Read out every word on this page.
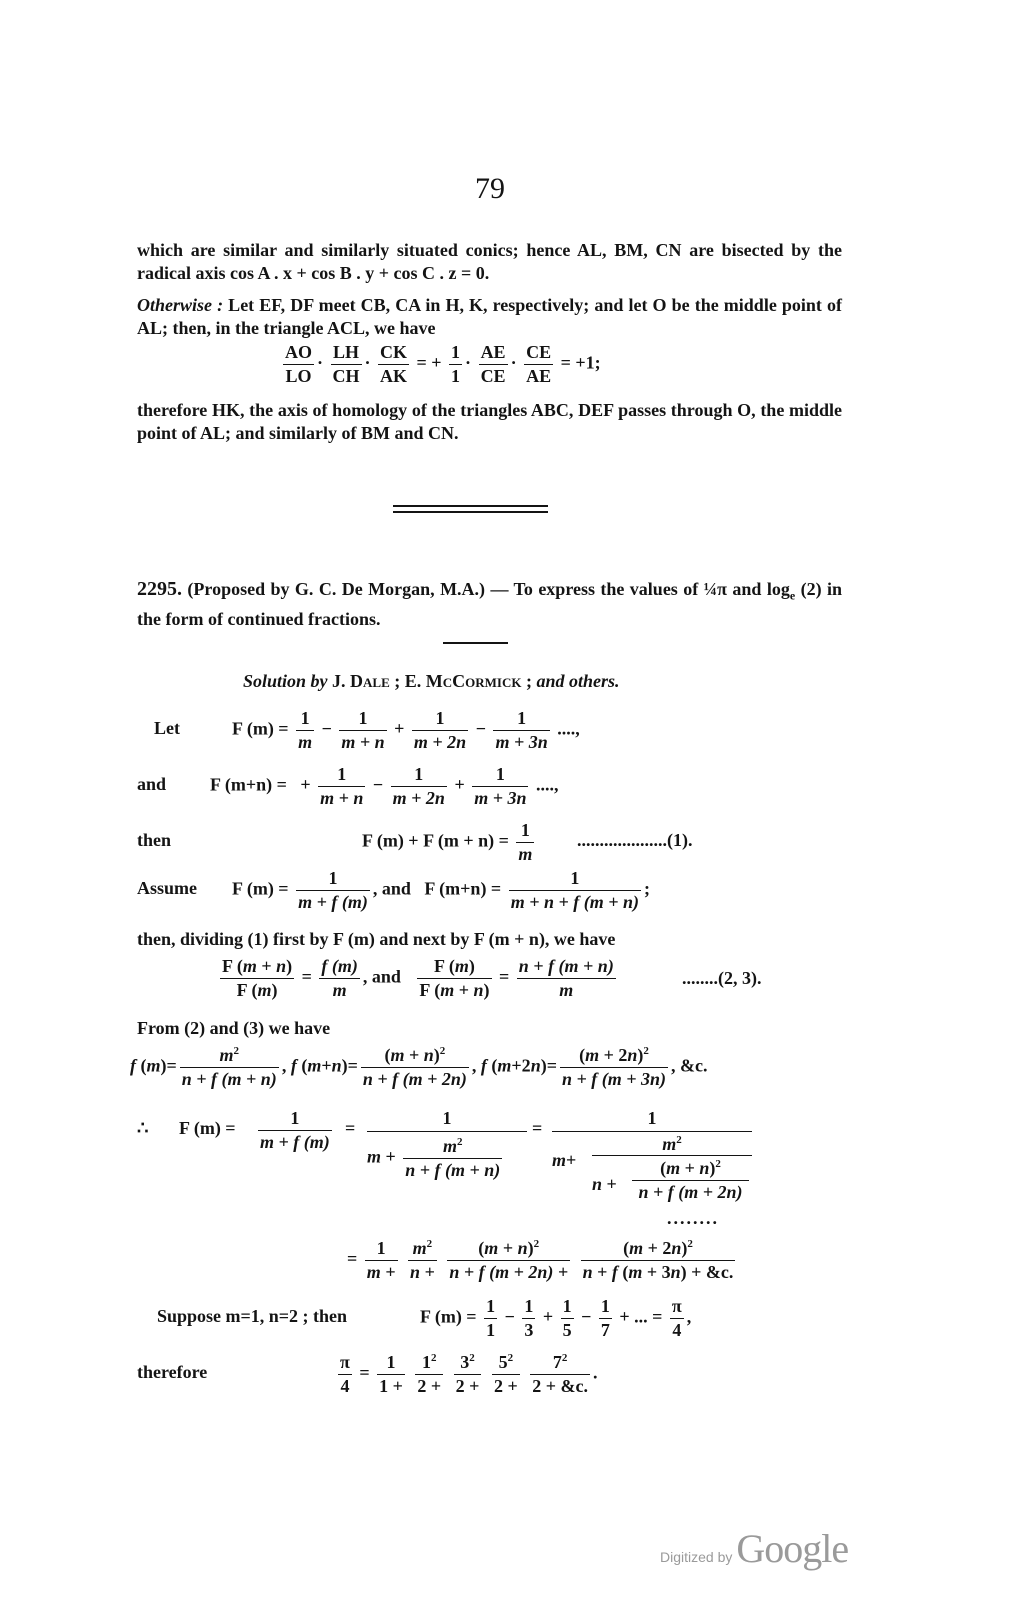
79
which are similar and similarly situated conics; hence AL, BM, CN are bisected by the radical axis cos A . x + cos B . y + cos C . z = 0.
Otherwise : Let EF, DF meet CB, CA in H, K, respectively; and let O be the middle point of AL; then, in the triangle ACL, we have
$\frac{AO}{LO} \cdot \frac{LH}{CH} \cdot \frac{CK}{AK}$ = + $\frac{1}{1} \cdot \frac{AE}{CE} \cdot \frac{CE}{AE} = +1$;
therefore HK, the axis of homology of the triangles ABC, DEF passes through O, the middle point of AL; and similarly of BM and CN.
2295. (Proposed by G. C. De Morgan, M.A.) — To express the values of ¼π and $\log_e (2)$ in the form of continued fractions.
Solution by J. Dale ; E. McCormick ; and others.
Let	F $(m) = \frac{1}{m} - \frac{1}{m + n} + \frac{1}{m + 2n} - \frac{1}{m + 3n}$ ....,
and F (m+n) =   + $\frac{1}{m + n} - \frac{1}{m + 2n} + \frac{1}{m + 3n}$ ....,
then	F (m) + F $(m + n) = \frac{1}{m} ....................(1)$.
Assume F $(m) = \frac{1}{m + f (m)}$ , and F $(m+n) = \frac{1}{m + n + f (m + n)}$ ;
then, dividing (1) first by F (m) and next by F (m + n), we have
$\frac{F (m + n)}{F (m)} = \frac{f (m)}{m}$ , and $\frac{F (m)}{F (m + n)} = \frac{n + f (m + n)}{m}$	........(2, 3).
From (2) and (3) we have
f $(m)= \frac{m^2}{n + f (m + n)}$ , f $(m+n)= \frac{(m + n)^2}{n + f (m + 2n)}$ , f $(m+2n)= \frac{(m + 2n)^2}{n + f (m + 3n)}$ , &c.
∴ F $(m) = \frac{1}{m + f (m)}$ =	1
$m + \frac{m^2}{n + f (m + n)}$
=	1
m+
$m^2$
n +
$(m + n)^2$
n + f (m + 2n)
........
= $\frac{1}{m +}$
$\frac{m^2}{n +}$
$\frac{(m + n)^2}{n + f (m + 2n) +}$
$\frac{(m + 2n)^2}{n + f (m + 3n) + \&c.}$
Suppose m=1, n=2 ; then	F $(m) = \frac{1}{1} - \frac{1}{3} + \frac{1}{5} - \frac{1}{7}$ + ... = $\frac{\pi}{4}$ ,
therefore	$\frac{\pi}{4} = \frac{1}{1 +}$
$\frac{1^2}{2 +}$
$\frac{3^2}{2 +}$
$\frac{5^2}{2 +}$
$\frac{7^2}{2 + \&c.}$ .
Digitized by Google
